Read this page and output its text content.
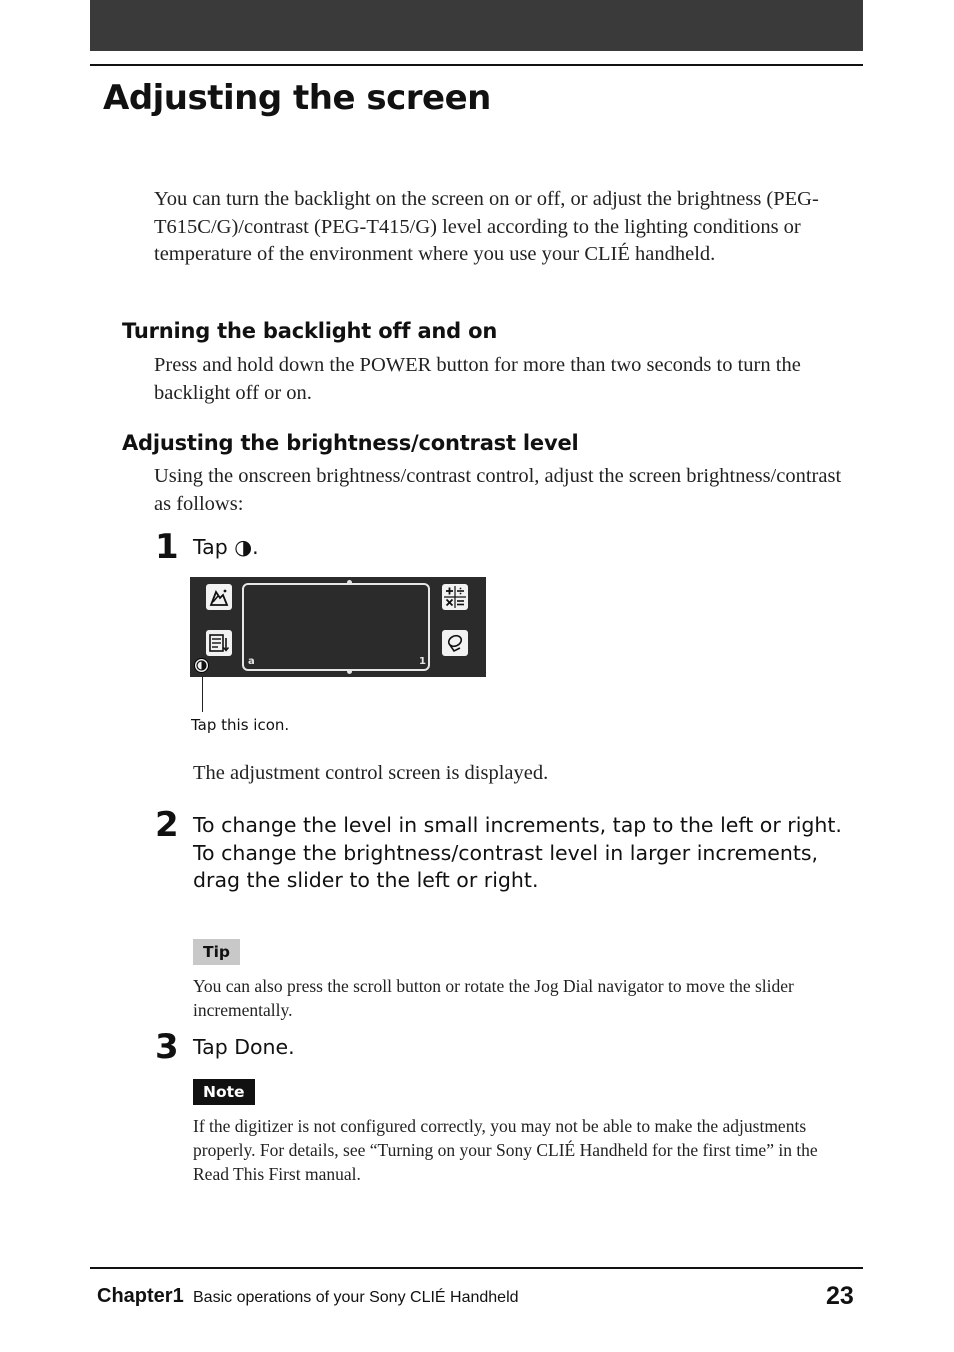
Adjusting the screen
You can turn the backlight on the screen on or off, or adjust the brightness (PEG-T615C/G)/contrast (PEG-T415/G) level according to the lighting conditions or temperature of the environment where you use your CLIÉ handheld.
Turning the backlight off and on
Press and hold down the POWER button for more than two seconds to turn the backlight off or on.
Adjusting the brightness/contrast level
Using the onscreen brightness/contrast control, adjust the screen brightness/contrast as follows:
1 Tap ◑.
a	1
Tap this icon.
The adjustment control screen is displayed.
2 To change the level in small increments, tap to the left or right.
To change the brightness/contrast level in larger increments, drag the slider to the left or right.
Tip
You can also press the scroll button or rotate the Jog Dial navigator to move the slider incrementally.
3 Tap Done.
Note
If the digitizer is not configured correctly, you may not be able to make the adjustments properly. For details, see “Turning on your Sony CLIÉ Handheld for the first time” in the Read This First manual.
Chapter1 Basic operations of your Sony CLIÉ Handheld	23
